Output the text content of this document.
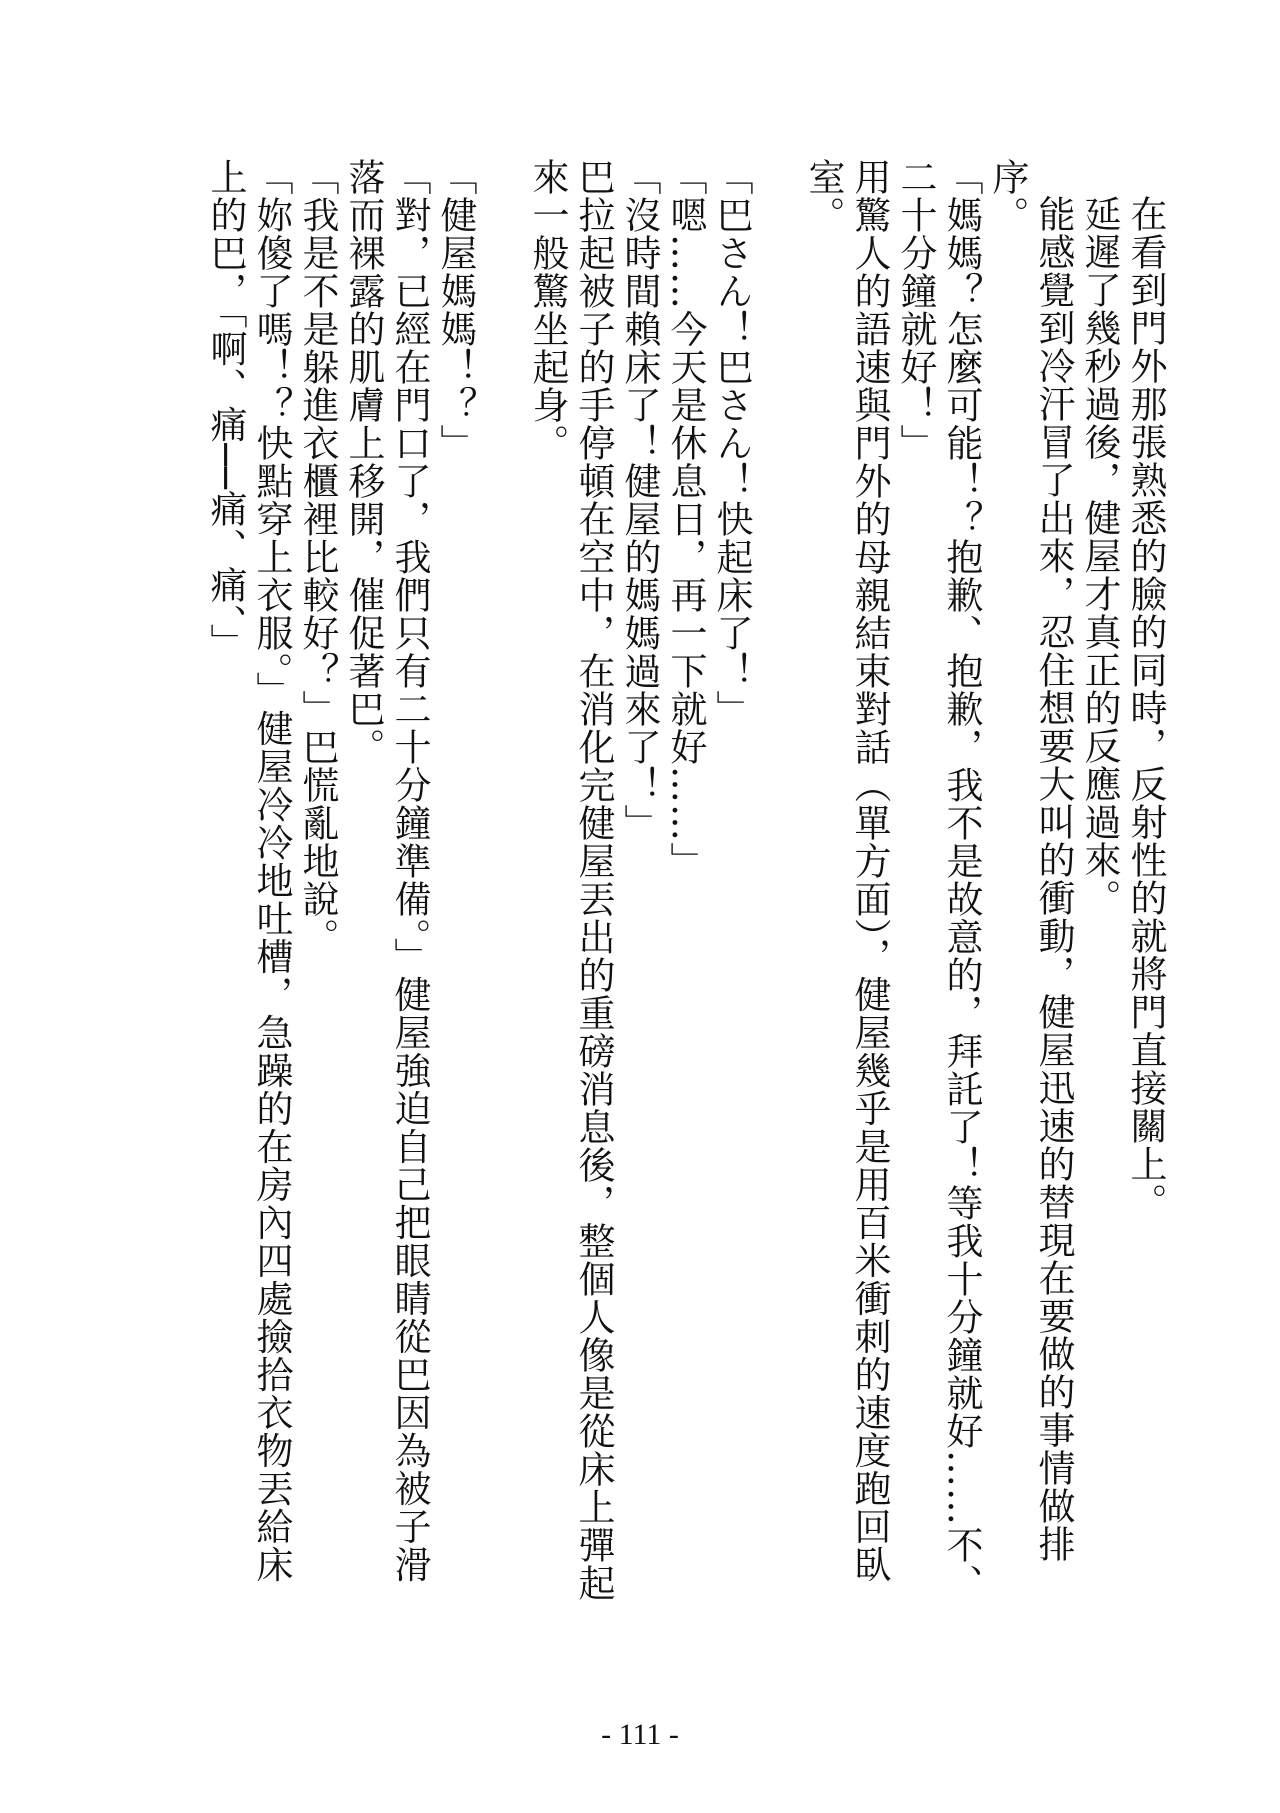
在看到門外那張熟悉的臉的同時，反射性的就將門直接關上。

延遲了幾秒過後，健屋才真正的反應過來。

能感覺到冷汗冒了出來，忍住想要大叫的衝動，健屋迅速的替現在要做的事情做排序。

「媽媽？怎麼可能！？抱歉、抱歉，我不是故意的，拜託了！等我十分鐘就好……不、二十分鐘就好！」

用驚人的語速與門外的母親結束對話（單方面），健屋幾乎是用百米衝刺的速度跑回臥室。

「巴さん！巴さん！快起床了！」

「嗯……今天是休息日，再一下就好……」

「沒時間賴床了！健屋的媽媽過來了！」

巴拉起被子的手停頓在空中，在消化完健屋丟出的重磅消息後，整個人像是從床上彈起來一般驚坐起身。

「健屋媽媽！？」

「對，已經在門口了，我們只有二十分鐘準備。」健屋強迫自己把眼睛從巴因為被子滑落而裸露的肌膚上移開，催促著巴。

「我是不是躲進衣櫃裡比較好？」巴慌亂地說。

「妳傻了嗎！？快點穿上衣服。」健屋冷冷地吐槽，急躁的在房內四處撿拾衣物丟給床上的巴，「啊、痛──痛、痛、」

- 111 -
